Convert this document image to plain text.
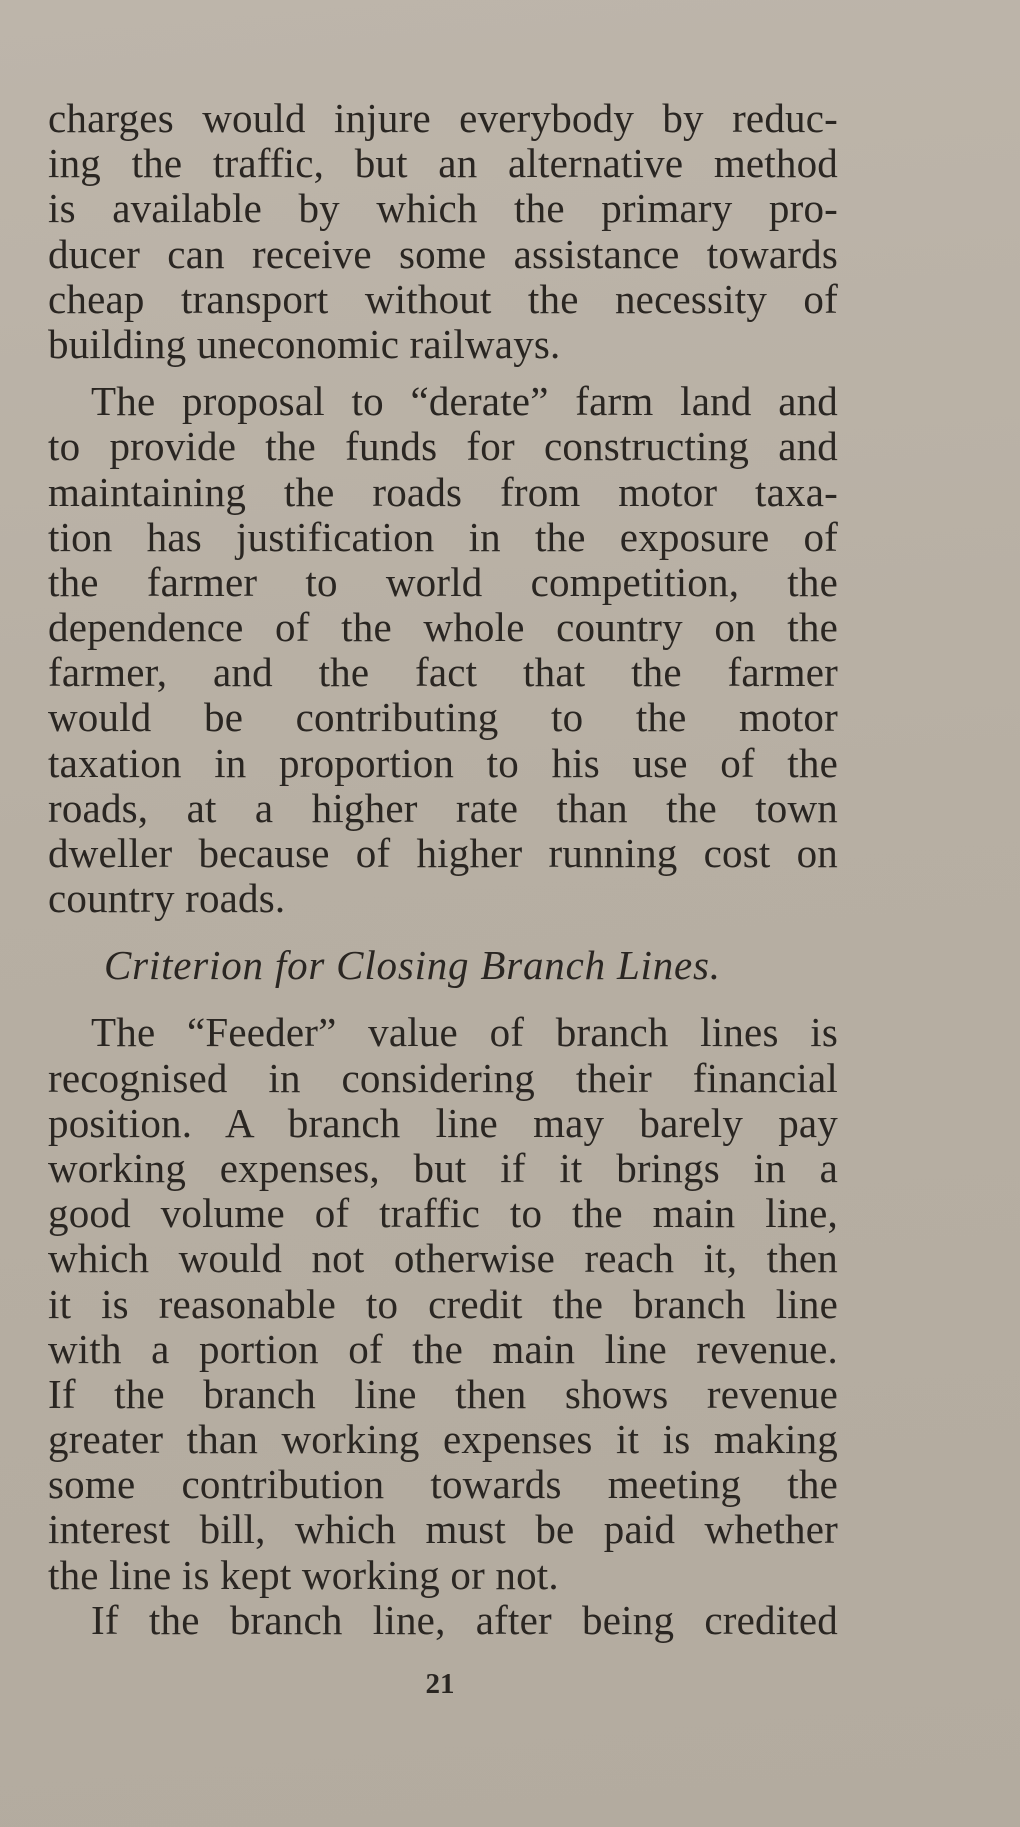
charges would injure everybody by reduc-
ing the traffic, but an alternative method
is available by which the primary pro-
ducer can receive some assistance towards
cheap transport without the necessity of
building uneconomic railways.
The proposal to “derate” farm land and
to provide the funds for constructing and
maintaining the roads from motor taxa-
tion has justification in the exposure of
the farmer to world competition, the
dependence of the whole country on the
farmer, and the fact that the farmer
would be contributing to the motor
taxation in proportion to his use of the
roads, at a higher rate than the town
dweller because of higher running cost on
country roads.
Criterion for Closing Branch Lines.
The “Feeder” value of branch lines is
recognised in considering their financial
position. A branch line may barely pay
working expenses, but if it brings in a
good volume of traffic to the main line,
which would not otherwise reach it, then
it is reasonable to credit the branch line
with a portion of the main line revenue.
If the branch line then shows revenue
greater than working expenses it is making
some contribution towards meeting the
interest bill, which must be paid whether
the line is kept working or not.
If the branch line, after being credited
21
